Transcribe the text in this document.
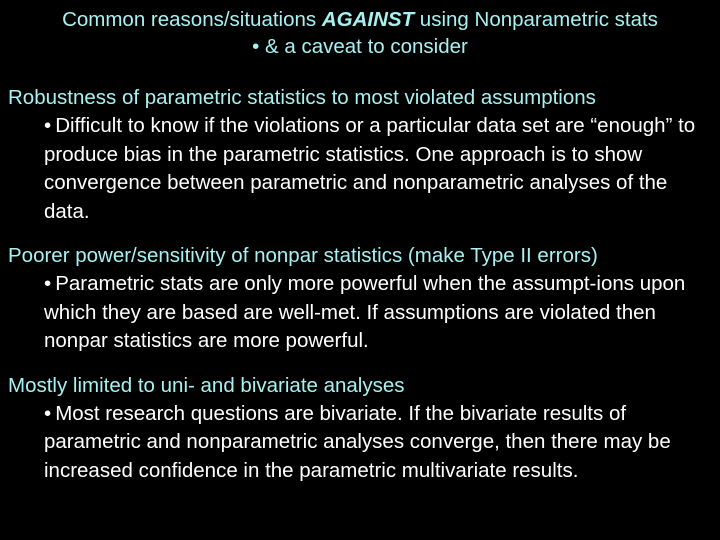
Common reasons/situations AGAINST using Nonparametric stats
• & a caveat to consider
Robustness of parametric statistics to most violated assumptions
• Difficult to know if the violations or a particular data set are “enough” to produce bias in the parametric statistics. One approach is to show convergence between parametric and nonparametric analyses of the data.
Poorer power/sensitivity of nonpar statistics (make Type II errors)
• Parametric stats are only more powerful when the assumpt-ions upon which they are based are well-met. If assumptions are violated then nonpar statistics are more powerful.
Mostly limited to uni- and bivariate analyses
• Most research questions are bivariate. If the bivariate results of parametric and nonparametric analyses converge, then there may be increased confidence in the parametric multivariate results.
